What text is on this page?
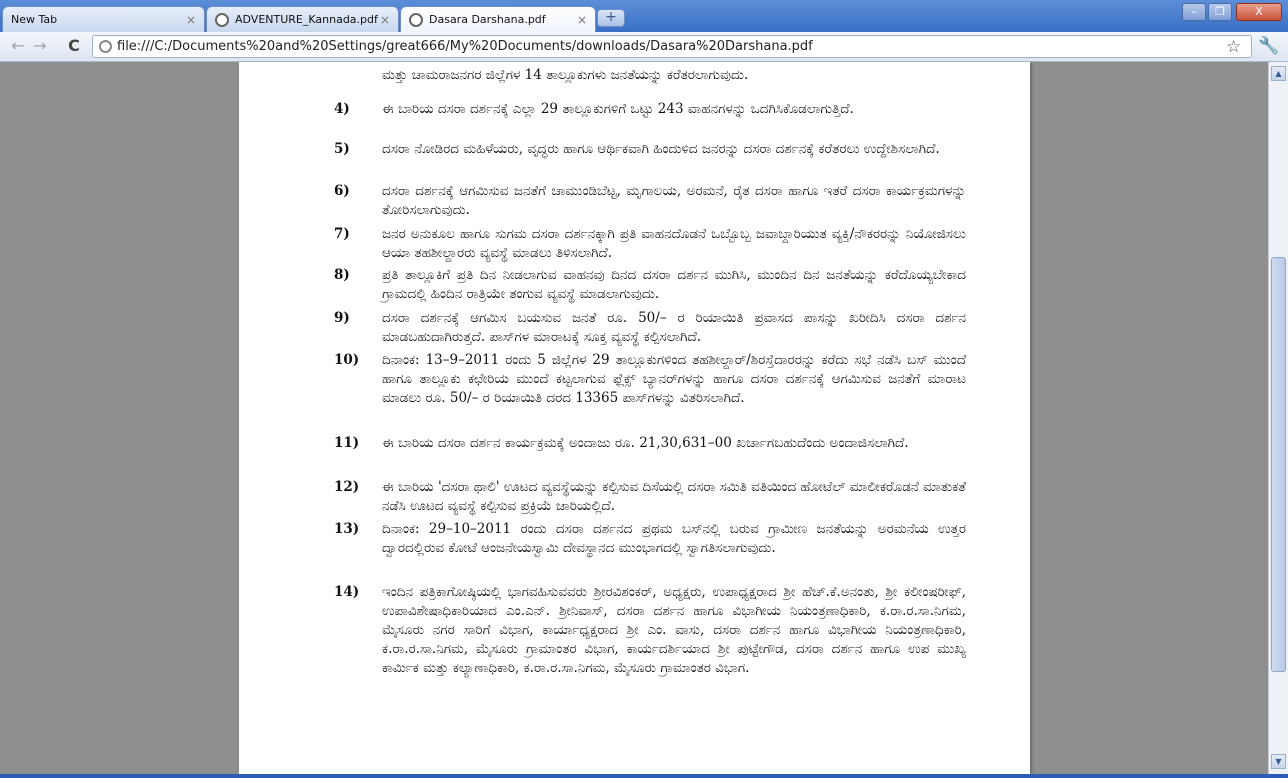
New Tab	×	ADVENTURE_Kannada.pdf ×	Dasara Darshana.pdf	×	+	–	❐	X
← → C	file:///C:/Documents%20and%20Settings/great666/My%20Documents/downloads/Dasara%20Darshana.pdf	☆ 🔧
ಮತ್ತು ಚಾಮರಾಜನಗರ ಜಿಲ್ಲೆಗಳ 14 ತಾಲ್ಲೂಕುಗಳು ಜನತೆಯನ್ನು ಕರೆತರಲಾಗುವುದು.
4) ಈ ಬಾರಿಯ ದಸರಾ ದರ್ಶನಕ್ಕೆ ಎಲ್ಲಾ 29 ತಾಲ್ಲೂಕುಗಳಿಗೆ ಒಟ್ಟು 243 ವಾಹನಗಳನ್ನು ಒದಗಿಸಿಕೊಡಲಾಗುತ್ತಿದೆ.
5) ದಸರಾ ನೋಡಿರದ ಮಹಿಳೆಯರು, ವೃದ್ಧರು ಹಾಗೂ ಆರ್ಥಿಕವಾಗಿ ಹಿಂದುಳಿದ ಜನರನ್ನು ದಸರಾ ದರ್ಶನಕ್ಕೆ ಕರೆತರಲು ಉದ್ದೇಶಿಸಲಾಗಿದೆ.
6) ದಸರಾ ದರ್ಶನಕ್ಕೆ ಆಗಮಿಸುವ ಜನತೆಗೆ ಚಾಮುಂಡಿಬೆಟ್ಟ, ಮೃಗಾಲಯ, ಅರಮನೆ, ರೈತ ದಸರಾ ಹಾಗೂ ಇತರೆ ದಸರಾ ಕಾರ್ಯಕ್ರಮಗಳನ್ನು ತೋರಿಸಲಾಗುವುದು.
7) ಜನರ ಅನುಕೂಲ ಹಾಗೂ ಸುಗಮ ದಸರಾ ದರ್ಶನಕ್ಕಾಗಿ ಪ್ರತಿ ವಾಹನದೊಡನೆ ಒಬ್ಬೊಬ್ಬ ಜವಾಬ್ದಾರಿಯುತ ವ್ಯಕ್ತಿ/ನೌಕರರನ್ನು ನಿಯೋಜಿಸಲು ಆಯಾ ತಹಶೀಲ್ದಾರರು ವ್ಯವಸ್ಥೆ ಮಾಡಲು ತಿಳಿಸಲಾಗಿದೆ.
8) ಪ್ರತಿ ತಾಲ್ಲೂಕಿಗೆ ಪ್ರತಿ ದಿನ ನೀಡಲಾಗುವ ವಾಹನವು ದಿನದ ದಸರಾ ದರ್ಶನ ಮುಗಿಸಿ, ಮುಂದಿನ ದಿನ ಜನತೆಯನ್ನು ಕರೆದೊಯ್ಯಬೇಕಾದ ಗ್ರಾಮದಲ್ಲಿ ಹಿಂದಿನ ರಾತ್ರಿಯೇ ತಂಗುವ ವ್ಯವಸ್ಥೆ ಮಾಡಲಾಗುವುದು.
9) ದಸರಾ ದರ್ಶನಕ್ಕೆ ಆಗಮಿಸ ಬಯಸುವ ಜನತೆ ರೂ. 50/– ರ ರಿಯಾಯಿತಿ ಪ್ರವಾಸದ ಪಾಸನ್ನು ಖರೀದಿಸಿ ದಸರಾ ದರ್ಶನ ಮಾಡಬಹುದಾಗಿರುತ್ತದೆ. ಪಾಸ್‌ಗಳ ಮಾರಾಟಕ್ಕೆ ಸೂಕ್ತ ವ್ಯವಸ್ಥೆ ಕಲ್ಪಿಸಲಾಗಿದೆ.
10) ದಿನಾಂಕ: 13–9–2011 ರಂದು 5 ಜಿಲ್ಲೆಗಳ 29 ತಾಲ್ಲೂಕುಗಳಿಂದ ತಹಶೀಲ್ದಾರ್/ಶಿರಸ್ತೆದಾರರನ್ನು ಕರೆದು ಸಭೆ ನಡೆಸಿ ಬಸ್ ಮುಂದೆ ಹಾಗೂ ತಾಲ್ಲೂಕು ಕಛೇರಿಯ ಮುಂದೆ ಕಟ್ಟಲಾಗುವ ಫ್ಲೆಕ್ಸ್ ಬ್ಯಾನರ್‌ಗಳನ್ನು ಹಾಗೂ ದಸರಾ ದರ್ಶನಕ್ಕೆ ಆಗಮಿಸುವ ಜನತೆಗೆ ಮಾರಾಟ ಮಾಡಲು ರೂ. 50/– ರ ರಿಯಾಯಿತಿ ದರದ 13365 ಪಾಸ್‌ಗಳನ್ನು ವಿತರಿಸಲಾಗಿದೆ.
11) ಈ ಬಾರಿಯ ದಸರಾ ದರ್ಶನ ಕಾರ್ಯಕ್ರಮಕ್ಕೆ ಅಂದಾಜು ರೂ. 21,30,631–00 ಖರ್ಚಾಗಬಹುದೆಂದು ಅಂದಾಜಿಸಲಾಗಿದೆ.
12) ಈ ಬಾರಿಯ 'ದಸರಾ ಥಾಲಿ' ಊಟದ ವ್ಯವಸ್ಥೆಯನ್ನು ಕಲ್ಪಿಸುವ ದಿಸೆಯಲ್ಲಿ ದಸರಾ ಸಮಿತಿ ವತಿಯಿಂದ ಹೋಟೆಲ್ ಮಾಲೀಕರೊಡನೆ ಮಾತುಕತೆ ನಡೆಸಿ ಊಟದ ವ್ಯವಸ್ಥೆ ಕಲ್ಪಿಸುವ ಪ್ರಕ್ರಿಯೆ ಜಾರಿಯಲ್ಲಿದೆ.
13) ದಿನಾಂಕ: 29–10–2011 ರಂದು ದಸರಾ ದರ್ಶನದ ಪ್ರಥಮ ಬಸ್‌ನಲ್ಲಿ ಬರುವ ಗ್ರಾಮೀಣ ಜನತೆಯನ್ನು ಅರಮನೆಯ ಉತ್ತರ ದ್ವಾರದಲ್ಲಿರುವ ಕೋಟೆ ಆಂಜನೇಯಸ್ವಾಮಿ ದೇವಸ್ಥಾನದ ಮುಂಭಾಗದಲ್ಲಿ ಸ್ವಾಗತಿಸಲಾಗುವುದು.
14) ಇಂದಿನ ಪತ್ರಿಕಾಗೋಷ್ಠಿಯಲ್ಲಿ ಭಾಗವಹಿಸುವವರು ಶ್ರೀರವಿಶಂಕರ್, ಅಧ್ಯಕ್ಷರು, ಉಪಾಧ್ಯಕ್ಷರಾದ ಶ್ರೀ ಹೆಚ್.ಕೆ.ಅನಂತು, ಶ್ರೀ ಕಲೀಂಷರೀಫ್, ಉಪಾವಿಶೇಷಾಧಿಕಾರಿಯಾದ ಎಂ.ಎನ್. ಶ್ರೀನಿವಾಸ್, ದಸರಾ ದರ್ಶನ ಹಾಗೂ ವಿಭಾಗೀಯ ನಿಯಂತ್ರಣಾಧಿಕಾರಿ, ಕ.ರಾ.ರ.ಸಾ.ನಿಗಮ, ಮೈಸೂರು ನಗರ ಸಾರಿಗೆ ವಿಭಾಗ, ಕಾರ್ಯಾಧ್ಯಕ್ಷರಾದ ಶ್ರೀ ಎಂ. ವಾಸು, ದಸರಾ ದರ್ಶನ ಹಾಗೂ ವಿಭಾಗೀಯ ನಿಯಂತ್ರಣಾಧಿಕಾರಿ, ಕ.ರಾ.ರ.ಸಾ.ನಿಗಮ, ಮೈಸೂರು ಗ್ರಾಮಾಂತರ ವಿಭಾಗ, ಕಾರ್ಯದರ್ಶಿಯಾದ ಶ್ರೀ ಪುಟ್ಟೇಗೌಡ, ದಸರಾ ದರ್ಶನ ಹಾಗೂ ಉಪ ಮುಖ್ಯ ಕಾರ್ಮಿಕ ಮತ್ತು ಕಲ್ಯಾಣಾಧಿಕಾರಿ, ಕ.ರಾ.ರ.ಸಾ.ನಿಗಮ, ಮೈಸೂರು ಗ್ರಾಮಾಂತರ ವಿಭಾಗ.
▲
▼
